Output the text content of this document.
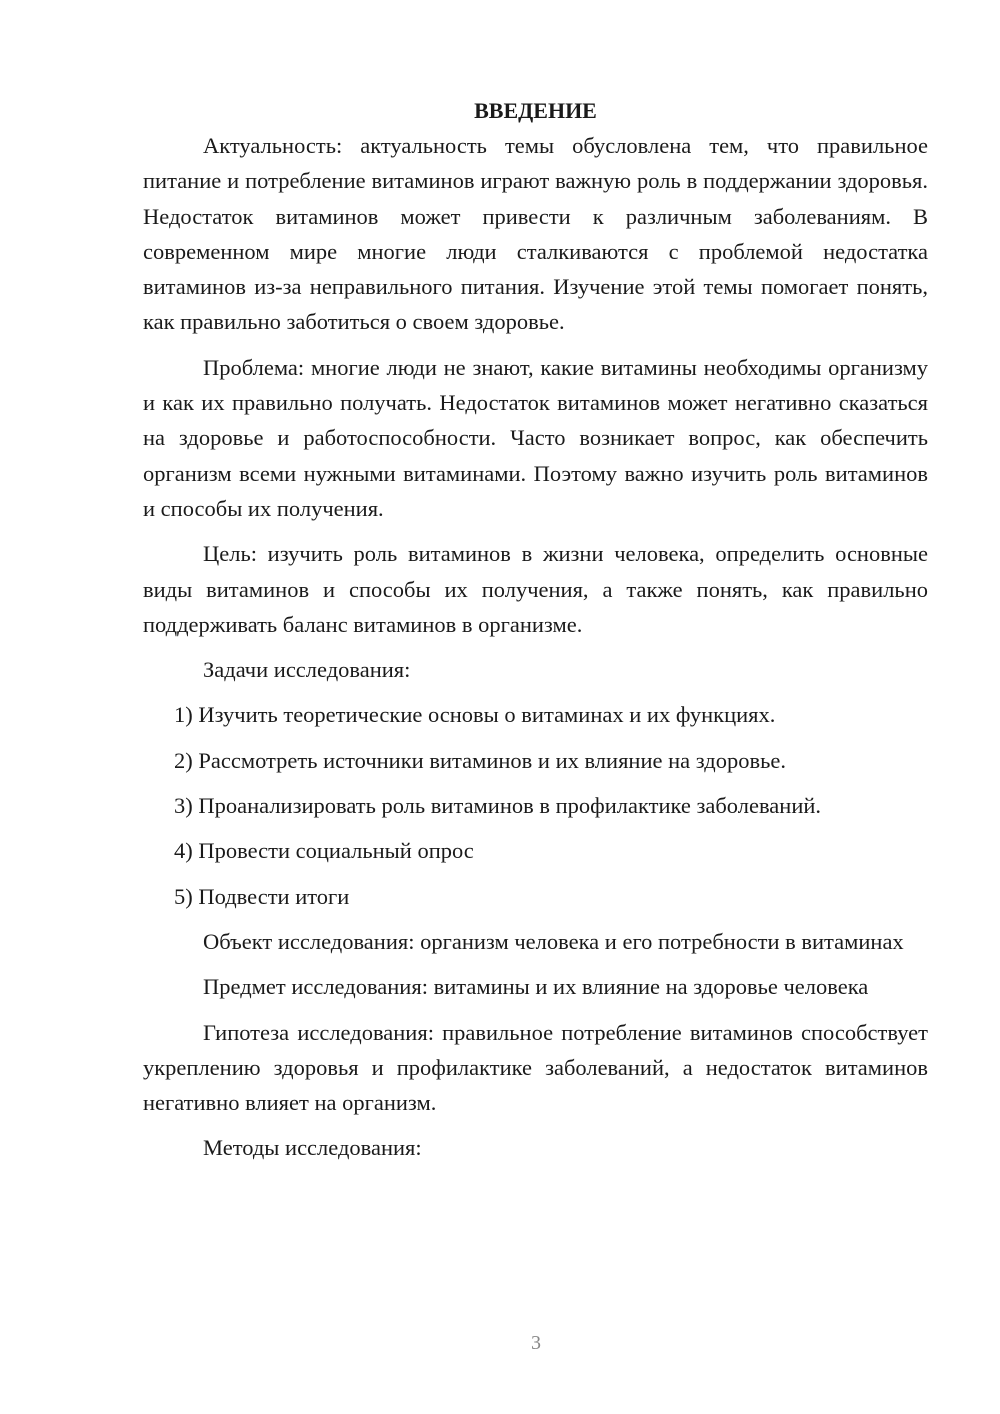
ВВЕДЕНИЕ

Актуальность: актуальность темы обусловлена тем, что правильное питание и потребление витаминов играют важную роль в поддержании здоровья. Недостаток витаминов может привести к различным заболеваниям. В современном мире многие люди сталкиваются с проблемой недостатка витаминов из-за неправильного питания. Изучение этой темы помогает понять, как правильно заботиться о своем здоровье.

Проблема: многие люди не знают, какие витамины необходимы организму и как их правильно получать. Недостаток витаминов может негативно сказаться на здоровье и работоспособности. Часто возникает вопрос, как обеспечить организм всеми нужными витаминами. Поэтому важно изучить роль витаминов и способы их получения.

Цель: изучить роль витаминов в жизни человека, определить основные виды витаминов и способы их получения, а также понять, как правильно поддерживать баланс витаминов в организме.

Задачи исследования:

1) Изучить теоретические основы о витаминах и их функциях.
2) Рассмотреть источники витаминов и их влияние на здоровье.
3) Проанализировать роль витаминов в профилактике заболеваний.
4) Провести социальный опрос
5) Подвести итоги

Объект исследования: организм человека и его потребности в витаминах

Предмет исследования: витамины и их влияние на здоровье человека

Гипотеза исследования: правильное потребление витаминов способствует укреплению здоровья и профилактике заболеваний, а недостаток витаминов негативно влияет на организм.

Методы исследования:

3
